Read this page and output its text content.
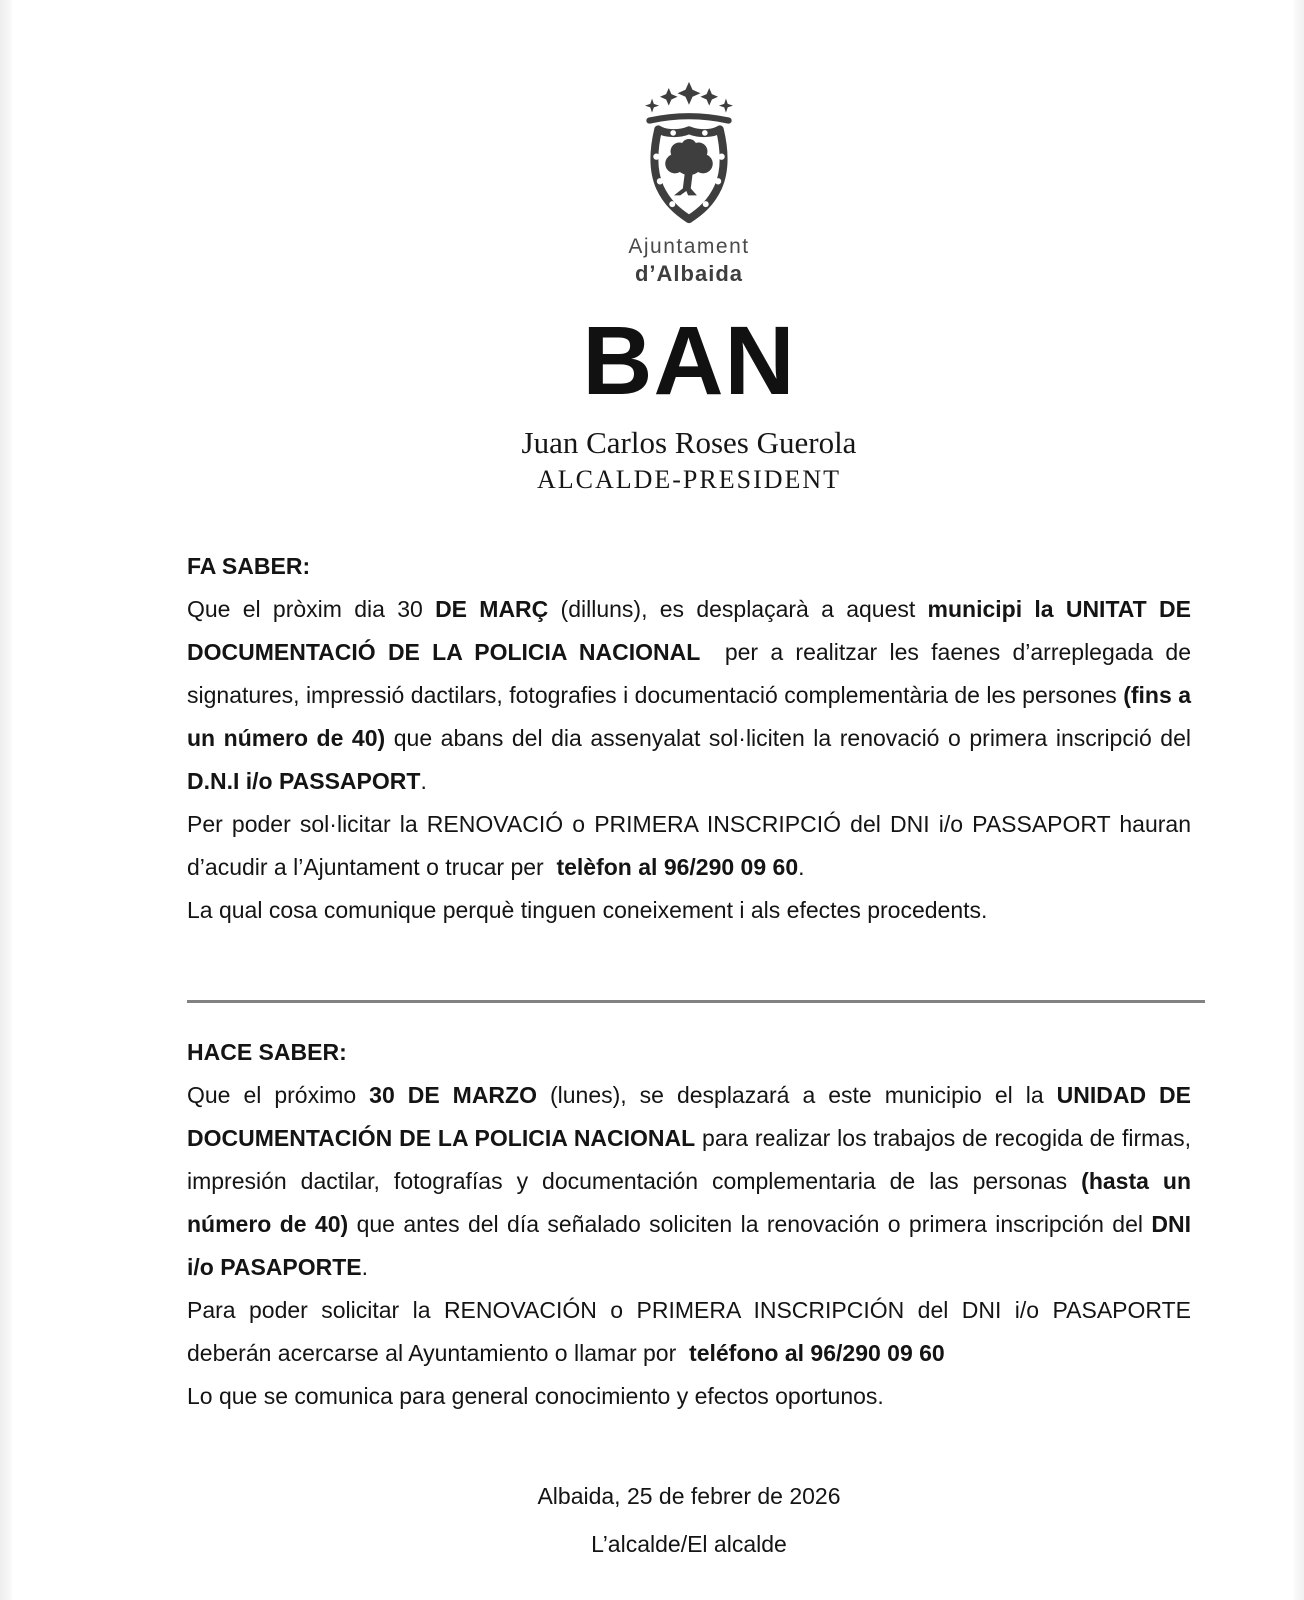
Ajuntament
d’Albaida
BAN
Juan Carlos Roses Guerola
ALCALDE-PRESIDENT
FA SABER:

Que el pròxim dia 30 DE MARÇ (dilluns), es desplaçarà a aquest municipi la UNITAT DE DOCUMENTACIÓ DE LA POLICIA NACIONAL  per a realitzar les faenes d’arreplegada de signatures, impressió dactilars, fotografies i documentació complementària de les persones (fins a un número de 40) que abans del dia assenyalat sol·liciten la renovació o primera inscripció del D.N.I i/o PASSAPORT.

Per poder sol·licitar la RENOVACIÓ o PRIMERA INSCRIPCIÓ del DNI i/o PASSAPORT hauran d’acudir a l’Ajuntament o trucar per  telèfon al 96/290 09 60.

La qual cosa comunique perquè tinguen coneixement i als efectes procedents.

HACE SABER:

Que el próximo 30 DE MARZO (lunes), se desplazará a este municipio el la UNIDAD DE DOCUMENTACIÓN DE LA POLICIA NACIONAL para realizar los trabajos de recogida de firmas, impresión dactilar, fotografías y documentación complementaria de las personas (hasta un número de 40) que antes del día señalado soliciten la renovación o primera inscripción del DNI i/o PASAPORTE.

Para poder solicitar la RENOVACIÓN o PRIMERA INSCRIPCIÓN del DNI i/o PASAPORTE deberán acercarse al Ayuntamiento o llamar por  teléfono al 96/290 09 60

Lo que se comunica para general conocimiento y efectos oportunos.

Albaida, 25 de febrer de 2026

L’alcalde/El alcalde
